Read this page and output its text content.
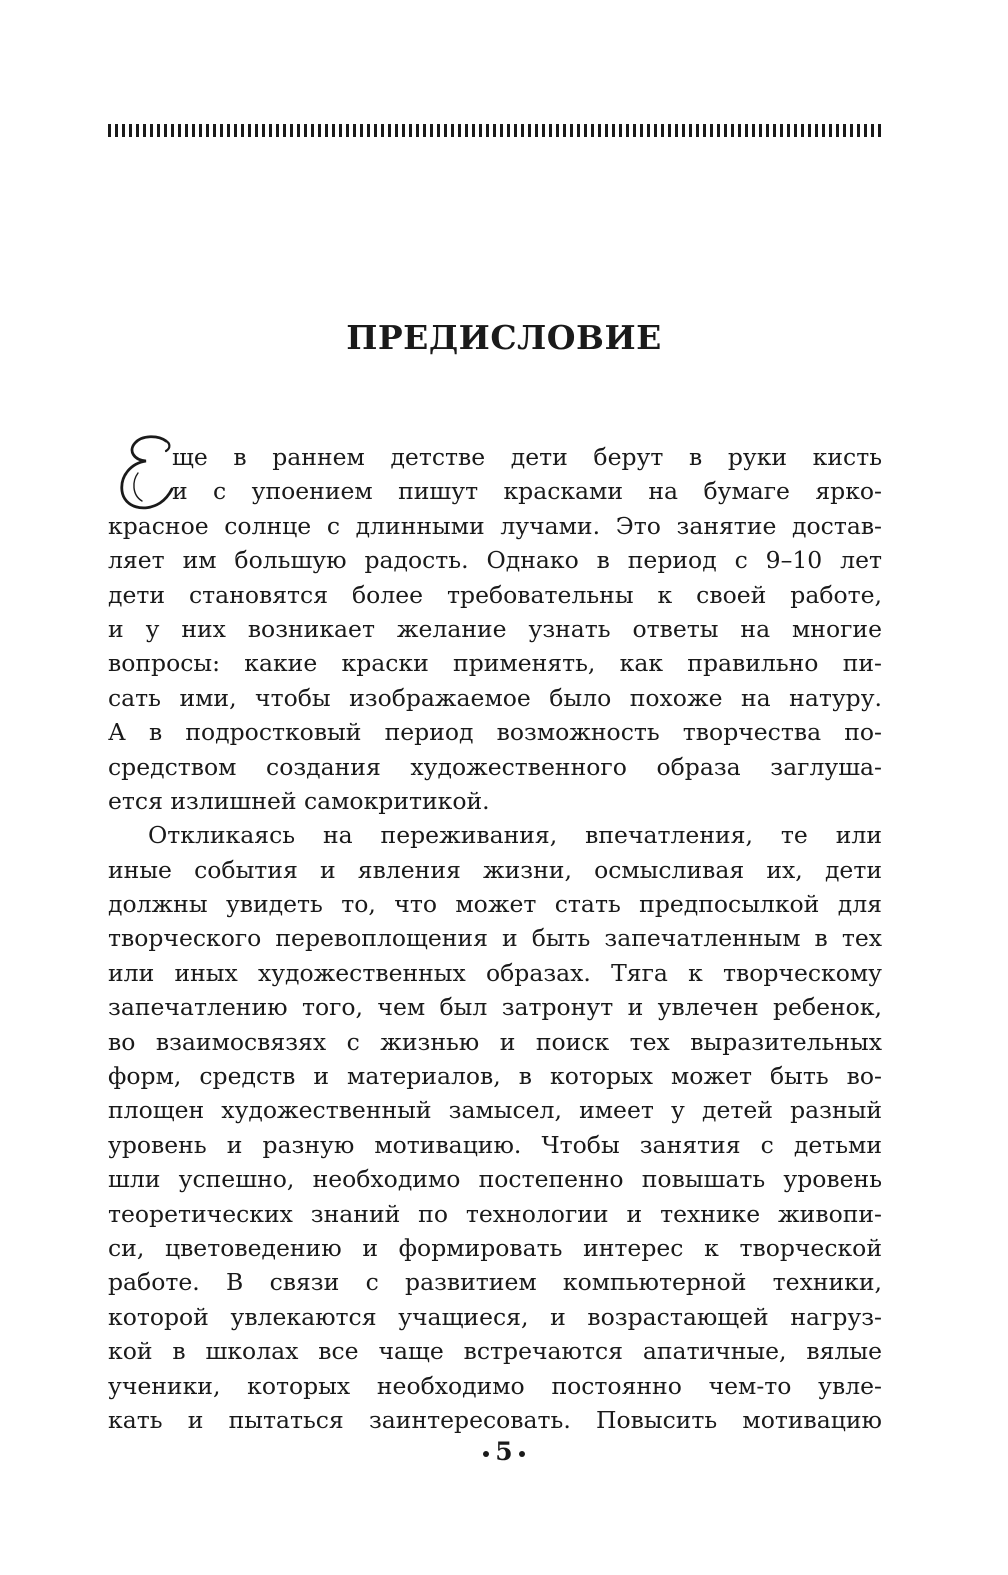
ПРЕДИСЛОВИЕ
ще в раннем детстве дети берут в руки кисть
и с упоением пишут красками на бумаге ярко-
красное солнце с длинными лучами. Это занятие достав-
ляет им большую радость. Однако в период с 9–10 лет
дети становятся более требовательны к своей работе,
и у них возникает желание узнать ответы на многие
вопросы: какие краски применять, как правильно пи-
сать ими, чтобы изображаемое было похоже на натуру.
А в подростковый период возможность творчества по-
средством создания художественного образа заглуша-
ется излишней самокритикой.
Откликаясь на переживания, впечатления, те или
иные события и явления жизни, осмысливая их, дети
должны увидеть то, что может стать предпосылкой для
творческого перевоплощения и быть запечатленным в тех
или иных художественных образах. Тяга к творческому
запечатлению того, чем был затронут и увлечен ребенок,
во взаимосвязях с жизнью и поиск тех выразительных
форм, средств и материалов, в которых может быть во-
площен художественный замысел, имеет у детей разный
уровень и разную мотивацию. Чтобы занятия с детьми
шли успешно, необходимо постепенно повышать уровень
теоретических знаний по технологии и технике живопи-
си, цветоведению и формировать интерес к творческой
работе. В связи с развитием компьютерной техники,
которой увлекаются учащиеся, и возрастающей нагруз-
кой в школах все чаще встречаются апатичные, вялые
ученики, которых необходимо постоянно чем-то увле-
кать и пытаться заинтересовать. Повысить мотивацию
5
